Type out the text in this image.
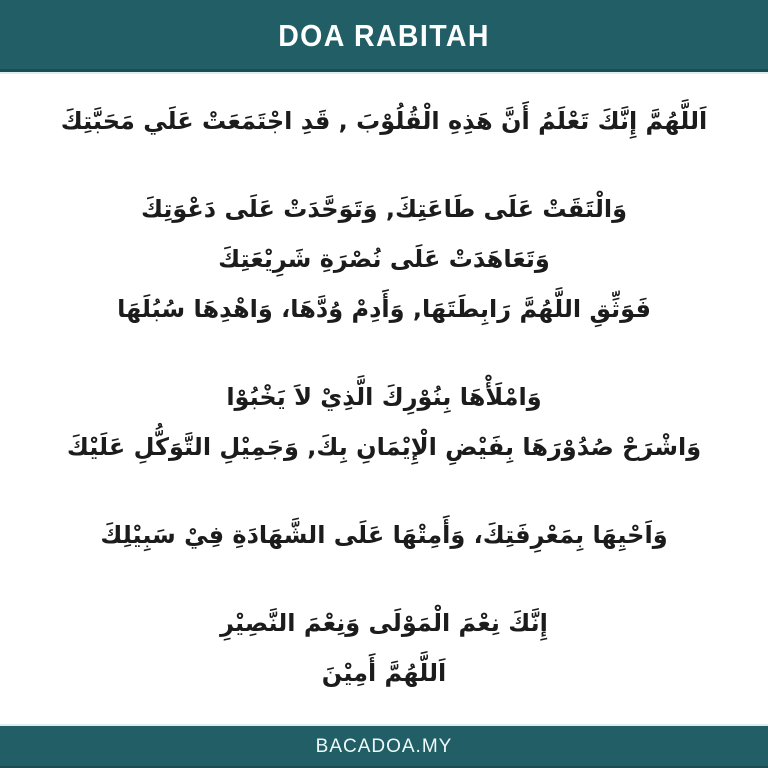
DOA RABITAH

اَللَّهُمَّ إِنَّكَ تَعْلَمُ أَنَّ هَذِهِ الْقُلُوْبَ , قَدِ اجْتَمَعَتْ عَلَي مَحَبَّتِكَ

وَالْتَقَتْ عَلَى طَاعَتِكَ, وَتَوَحَّدَتْ عَلَى دَعْوَتِكَ

وَتَعَاهَدَتْ عَلَى نُصْرَةِ شَرِيْعَتِكَ

فَوَثِّقِ اللَّهُمَّ رَابِطَتَهَا, وَأَدِمْ وُدَّهَا، وَاهْدِهَا سُبُلَهَا

وَامْلَأْهَا بِنُوْرِكَ الَّذِيْ لاَ يَخْبُوْا

وَاشْرَحْ صُدُوْرَهَا بِفَيْضِ الْإِيْمَانِ بِكَ, وَجَمِيْلِ التَّوَكُّلِ عَلَيْكَ

وَاَحْيِهَا بِمَعْرِفَتِكَ، وَأَمِتْهَا عَلَى الشَّهَادَةِ فِيْ سَبِيْلِكَ

إِنَّكَ نِعْمَ الْمَوْلَى وَنِعْمَ النَّصِيْرِ

اَللَّهُمَّ أَمِيْنَ

BACADOA.MY
